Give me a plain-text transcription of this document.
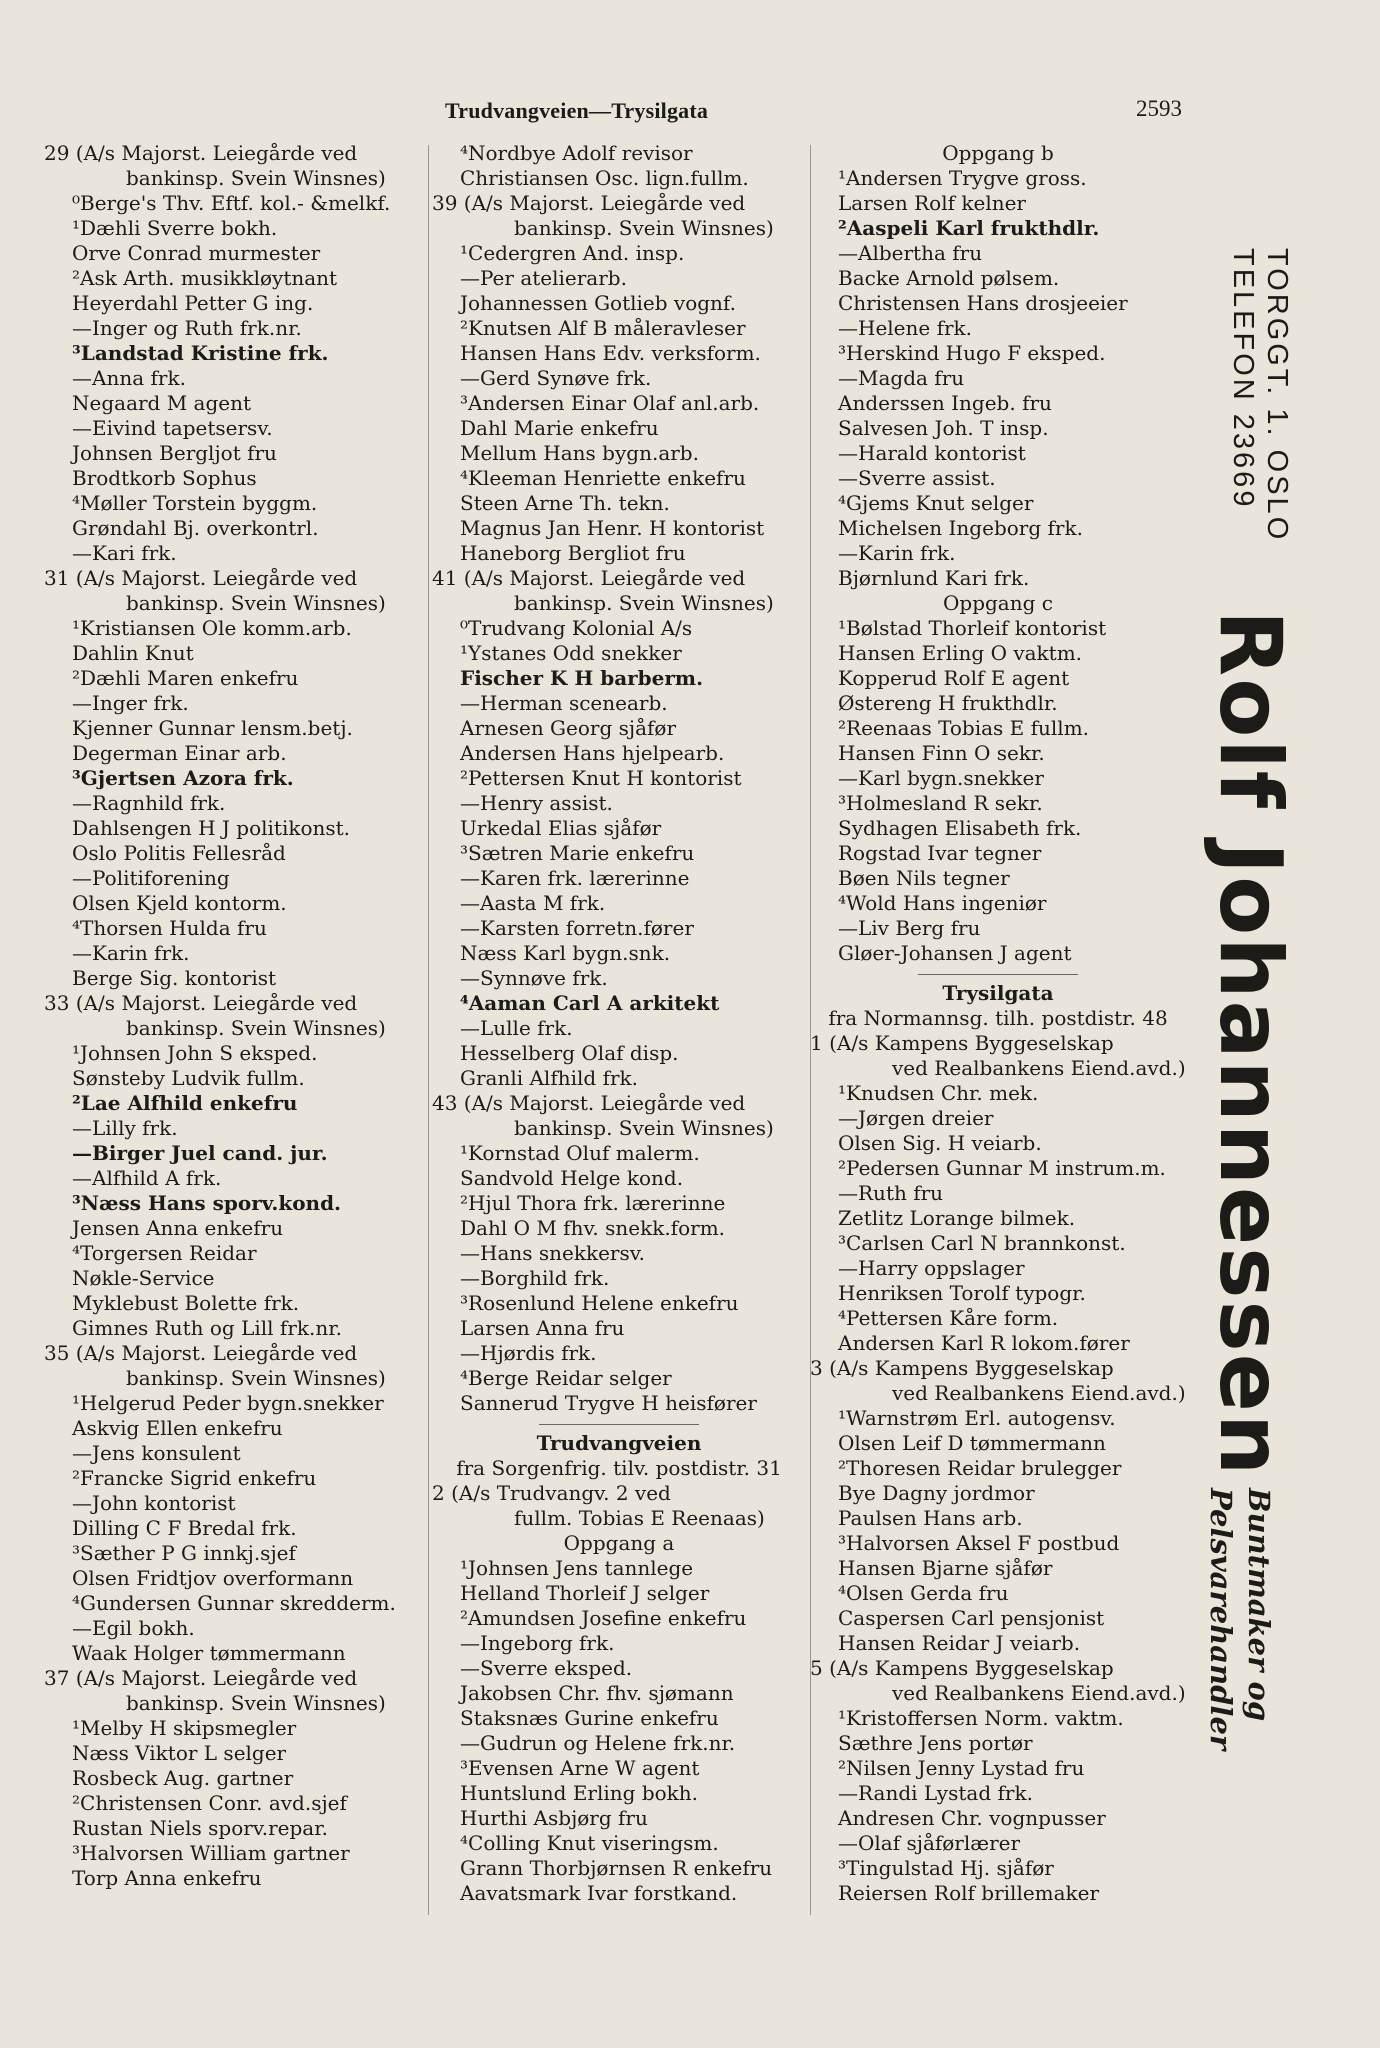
Trudvangveien—Trysilgata	2593
29 (A/s Majorst. Leiegårde ved
bankinsp. Svein Winsnes)
⁰Berge's Thv. Eftf. kol.- &melkf.
¹Dæhli Sverre bokh.
Orve Conrad murmester
²Ask Arth. musikkløytnant
Heyerdahl Petter G ing.
—Inger og Ruth frk.nr.
³Landstad Kristine frk.
—Anna frk.
Negaard M agent
—Eivind tapetsersv.
Johnsen Bergljot fru
Brodtkorb Sophus
⁴Møller Torstein byggm.
Grøndahl Bj. overkontrl.
—Kari frk.
31 (A/s Majorst. Leiegårde ved
bankinsp. Svein Winsnes)
¹Kristiansen Ole komm.arb.
Dahlin Knut
²Dæhli Maren enkefru
—Inger frk.
Kjenner Gunnar lensm.betj.
Degerman Einar arb.
³Gjertsen Azora frk.
—Ragnhild frk.
Dahlsengen H J politikonst.
Oslo Politis Fellesråd
—Politiforening
Olsen Kjeld kontorm.
⁴Thorsen Hulda fru
—Karin frk.
Berge Sig. kontorist
33 (A/s Majorst. Leiegårde ved
bankinsp. Svein Winsnes)
¹Johnsen John S eksped.
Sønsteby Ludvik fullm.
²Lae Alfhild enkefru
—Lilly frk.
—Birger Juel cand. jur.
—Alfhild A frk.
³Næss Hans sporv.kond.
Jensen Anna enkefru
⁴Torgersen Reidar
Nøkle-Service
Myklebust Bolette frk.
Gimnes Ruth og Lill frk.nr.
35 (A/s Majorst. Leiegårde ved
bankinsp. Svein Winsnes)
¹Helgerud Peder bygn.snekker
Askvig Ellen enkefru
—Jens konsulent
²Francke Sigrid enkefru
—John kontorist
Dilling C F Bredal frk.
³Sæther P G innkj.sjef
Olsen Fridtjov overformann
⁴Gundersen Gunnar skredderm.
—Egil bokh.
Waak Holger tømmermann
37 (A/s Majorst. Leiegårde ved
bankinsp. Svein Winsnes)
¹Melby H skipsmegler
Næss Viktor L selger
Rosbeck Aug. gartner
²Christensen Conr. avd.sjef
Rustan Niels sporv.repar.
³Halvorsen William gartner
Torp Anna enkefru
⁴Nordbye Adolf revisor
Christiansen Osc. lign.fullm.
39 (A/s Majorst. Leiegårde ved
bankinsp. Svein Winsnes)
¹Cedergren And. insp.
—Per atelierarb.
Johannessen Gotlieb vognf.
²Knutsen Alf B måleravleser
Hansen Hans Edv. verksform.
—Gerd Synøve frk.
³Andersen Einar Olaf anl.arb.
Dahl Marie enkefru
Mellum Hans bygn.arb.
⁴Kleeman Henriette enkefru
Steen Arne Th. tekn.
Magnus Jan Henr. H kontorist
Haneborg Bergliot fru
41 (A/s Majorst. Leiegårde ved
bankinsp. Svein Winsnes)
⁰Trudvang Kolonial A/s
¹Ystanes Odd snekker
Fischer K H barberm.
—Herman scenearb.
Arnesen Georg sjåfør
Andersen Hans hjelpearb.
²Pettersen Knut H kontorist
—Henry assist.
Urkedal Elias sjåfør
³Sætren Marie enkefru
—Karen frk. lærerinne
—Aasta M frk.
—Karsten forretn.fører
Næss Karl bygn.snk.
—Synnøve frk.
⁴Aaman Carl A arkitekt
—Lulle frk.
Hesselberg Olaf disp.
Granli Alfhild frk.
43 (A/s Majorst. Leiegårde ved
bankinsp. Svein Winsnes)
¹Kornstad Oluf malerm.
Sandvold Helge kond.
²Hjul Thora frk. lærerinne
Dahl O M fhv. snekk.form.
—Hans snekkersv.
—Borghild frk.
³Rosenlund Helene enkefru
Larsen Anna fru
—Hjørdis frk.
⁴Berge Reidar selger
Sannerud Trygve H heisfører
Trudvangveien
fra Sorgenfrig. tilv. postdistr. 31
2 (A/s Trudvangv. 2 ved
fullm. Tobias E Reenaas)
Oppgang a
¹Johnsen Jens tannlege
Helland Thorleif J selger
²Amundsen Josefine enkefru
—Ingeborg frk.
—Sverre eksped.
Jakobsen Chr. fhv. sjømann
Staksnæs Gurine enkefru
—Gudrun og Helene frk.nr.
³Evensen Arne W agent
Huntslund Erling bokh.
Hurthi Asbjørg fru
⁴Colling Knut viseringsm.
Grann Thorbjørnsen R enkefru
Aavatsmark Ivar forstkand.
Oppgang b
¹Andersen Trygve gross.
Larsen Rolf kelner
²Aaspeli Karl frukthdlr.
—Albertha fru
Backe Arnold pølsem.
Christensen Hans drosjeeier
—Helene frk.
³Herskind Hugo F eksped.
—Magda fru
Anderssen Ingeb. fru
Salvesen Joh. T insp.
—Harald kontorist
—Sverre assist.
⁴Gjems Knut selger
Michelsen Ingeborg frk.
—Karin frk.
Bjørnlund Kari frk.
Oppgang c
¹Bølstad Thorleif kontorist
Hansen Erling O vaktm.
Kopperud Rolf E agent
Østereng H frukthdlr.
²Reenaas Tobias E fullm.
Hansen Finn O sekr.
—Karl bygn.snekker
³Holmesland R sekr.
Sydhagen Elisabeth frk.
Rogstad Ivar tegner
Bøen Nils tegner
⁴Wold Hans ingeniør
—Liv Berg fru
Gløer-Johansen J agent
Trysilgata
fra Normannsg. tilh. postdistr. 48
1 (A/s Kampens Byggeselskap
ved Realbankens Eiend.avd.)
¹Knudsen Chr. mek.
—Jørgen dreier
Olsen Sig. H veiarb.
²Pedersen Gunnar M instrum.m.
—Ruth fru
Zetlitz Lorange bilmek.
³Carlsen Carl N brannkonst.
—Harry oppslager
Henriksen Torolf typogr.
⁴Pettersen Kåre form.
Andersen Karl R lokom.fører
3 (A/s Kampens Byggeselskap
ved Realbankens Eiend.avd.)
¹Warnstrøm Erl. autogensv.
Olsen Leif D tømmermann
²Thoresen Reidar brulegger
Bye Dagny jordmor
Paulsen Hans arb.
³Halvorsen Aksel F postbud
Hansen Bjarne sjåfør
⁴Olsen Gerda fru
Caspersen Carl pensjonist
Hansen Reidar J veiarb.
5 (A/s Kampens Byggeselskap
ved Realbankens Eiend.avd.)
¹Kristoffersen Norm. vaktm.
Sæthre Jens portør
²Nilsen Jenny Lystad fru
—Randi Lystad frk.
Andresen Chr. vognpusser
—Olaf sjåførlærer
³Tingulstad Hj. sjåfør
Reiersen Rolf brillemaker
TORGGT. 1. OSLO
TELEFON 23669
Rolf Johannessen
Buntmaker og
Pelsvarehandler
